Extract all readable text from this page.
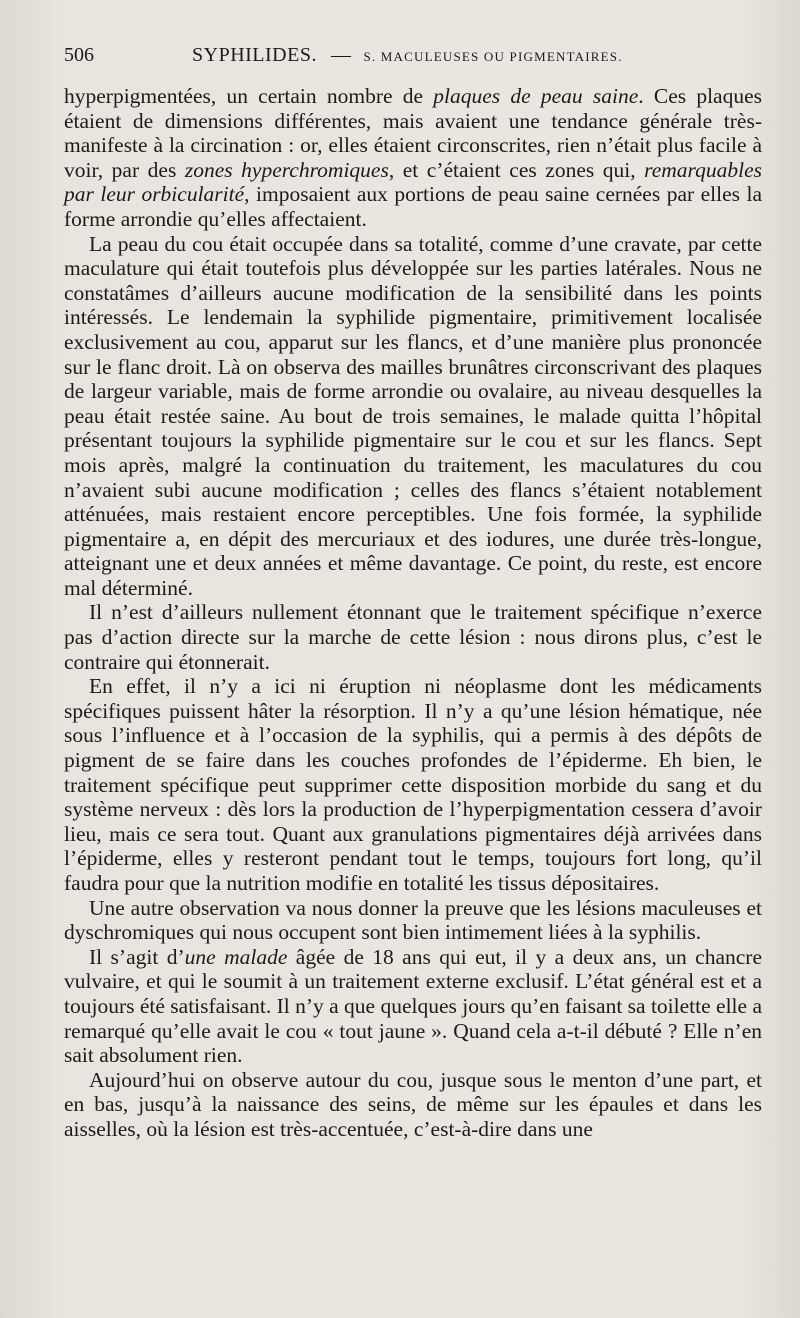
506	SYPHILIDES. — S. MACULEUSES OU PIGMENTAIRES.

hyperpigmentées, un certain nombre de plaques de peau saine. Ces plaques étaient de dimensions différentes, mais avaient une tendance générale très-manifeste à la circination : or, elles étaient circonscrites, rien n’était plus facile à voir, par des zones hyperchromiques, et c’étaient ces zones qui, remarquables par leur orbicularité, imposaient aux portions de peau saine cernées par elles la forme arrondie qu’elles affectaient.

La peau du cou était occupée dans sa totalité, comme d’une cravate, par cette maculature qui était toutefois plus développée sur les parties latérales. Nous ne constatâmes d’ailleurs aucune modification de la sensibilité dans les points intéressés. Le lendemain la syphilide pigmentaire, primitivement localisée exclusivement au cou, apparut sur les flancs, et d’une manière plus prononcée sur le flanc droit. Là on observa des mailles brunâtres circonscrivant des plaques de largeur variable, mais de forme arrondie ou ovalaire, au niveau desquelles la peau était restée saine. Au bout de trois semaines, le malade quitta l’hôpital présentant toujours la syphilide pigmentaire sur le cou et sur les flancs. Sept mois après, malgré la continuation du traitement, les maculatures du cou n’avaient subi aucune modification ; celles des flancs s’étaient notablement atténuées, mais restaient encore perceptibles. Une fois formée, la syphilide pigmentaire a, en dépit des mercuriaux et des iodures, une durée très-longue, atteignant une et deux années et même davantage. Ce point, du reste, est encore mal déterminé.

Il n’est d’ailleurs nullement étonnant que le traitement spécifique n’exerce pas d’action directe sur la marche de cette lésion : nous dirons plus, c’est le contraire qui étonnerait.

En effet, il n’y a ici ni éruption ni néoplasme dont les médicaments spécifiques puissent hâter la résorption. Il n’y a qu’une lésion hématique, née sous l’influence et à l’occasion de la syphilis, qui a permis à des dépôts de pigment de se faire dans les couches profondes de l’épiderme. Eh bien, le traitement spécifique peut supprimer cette disposition morbide du sang et du système nerveux : dès lors la production de l’hyperpigmentation cessera d’avoir lieu, mais ce sera tout. Quant aux granulations pigmentaires déjà arrivées dans l’épiderme, elles y resteront pendant tout le temps, toujours fort long, qu’il faudra pour que la nutrition modifie en totalité les tissus dépositaires.

Une autre observation va nous donner la preuve que les lésions maculeuses et dyschromiques qui nous occupent sont bien intimement liées à la syphilis.

Il s’agit d’une malade âgée de 18 ans qui eut, il y a deux ans, un chancre vulvaire, et qui le soumit à un traitement externe exclusif. L’état général est et a toujours été satisfaisant. Il n’y a que quelques jours qu’en faisant sa toilette elle a remarqué qu’elle avait le cou « tout jaune ». Quand cela a-t-il débuté ? Elle n’en sait absolument rien.

Aujourd’hui on observe autour du cou, jusque sous le menton d’une part, et en bas, jusqu’à la naissance des seins, de même sur les épaules et dans les aisselles, où la lésion est très-accentuée, c’est-à-dire dans une
